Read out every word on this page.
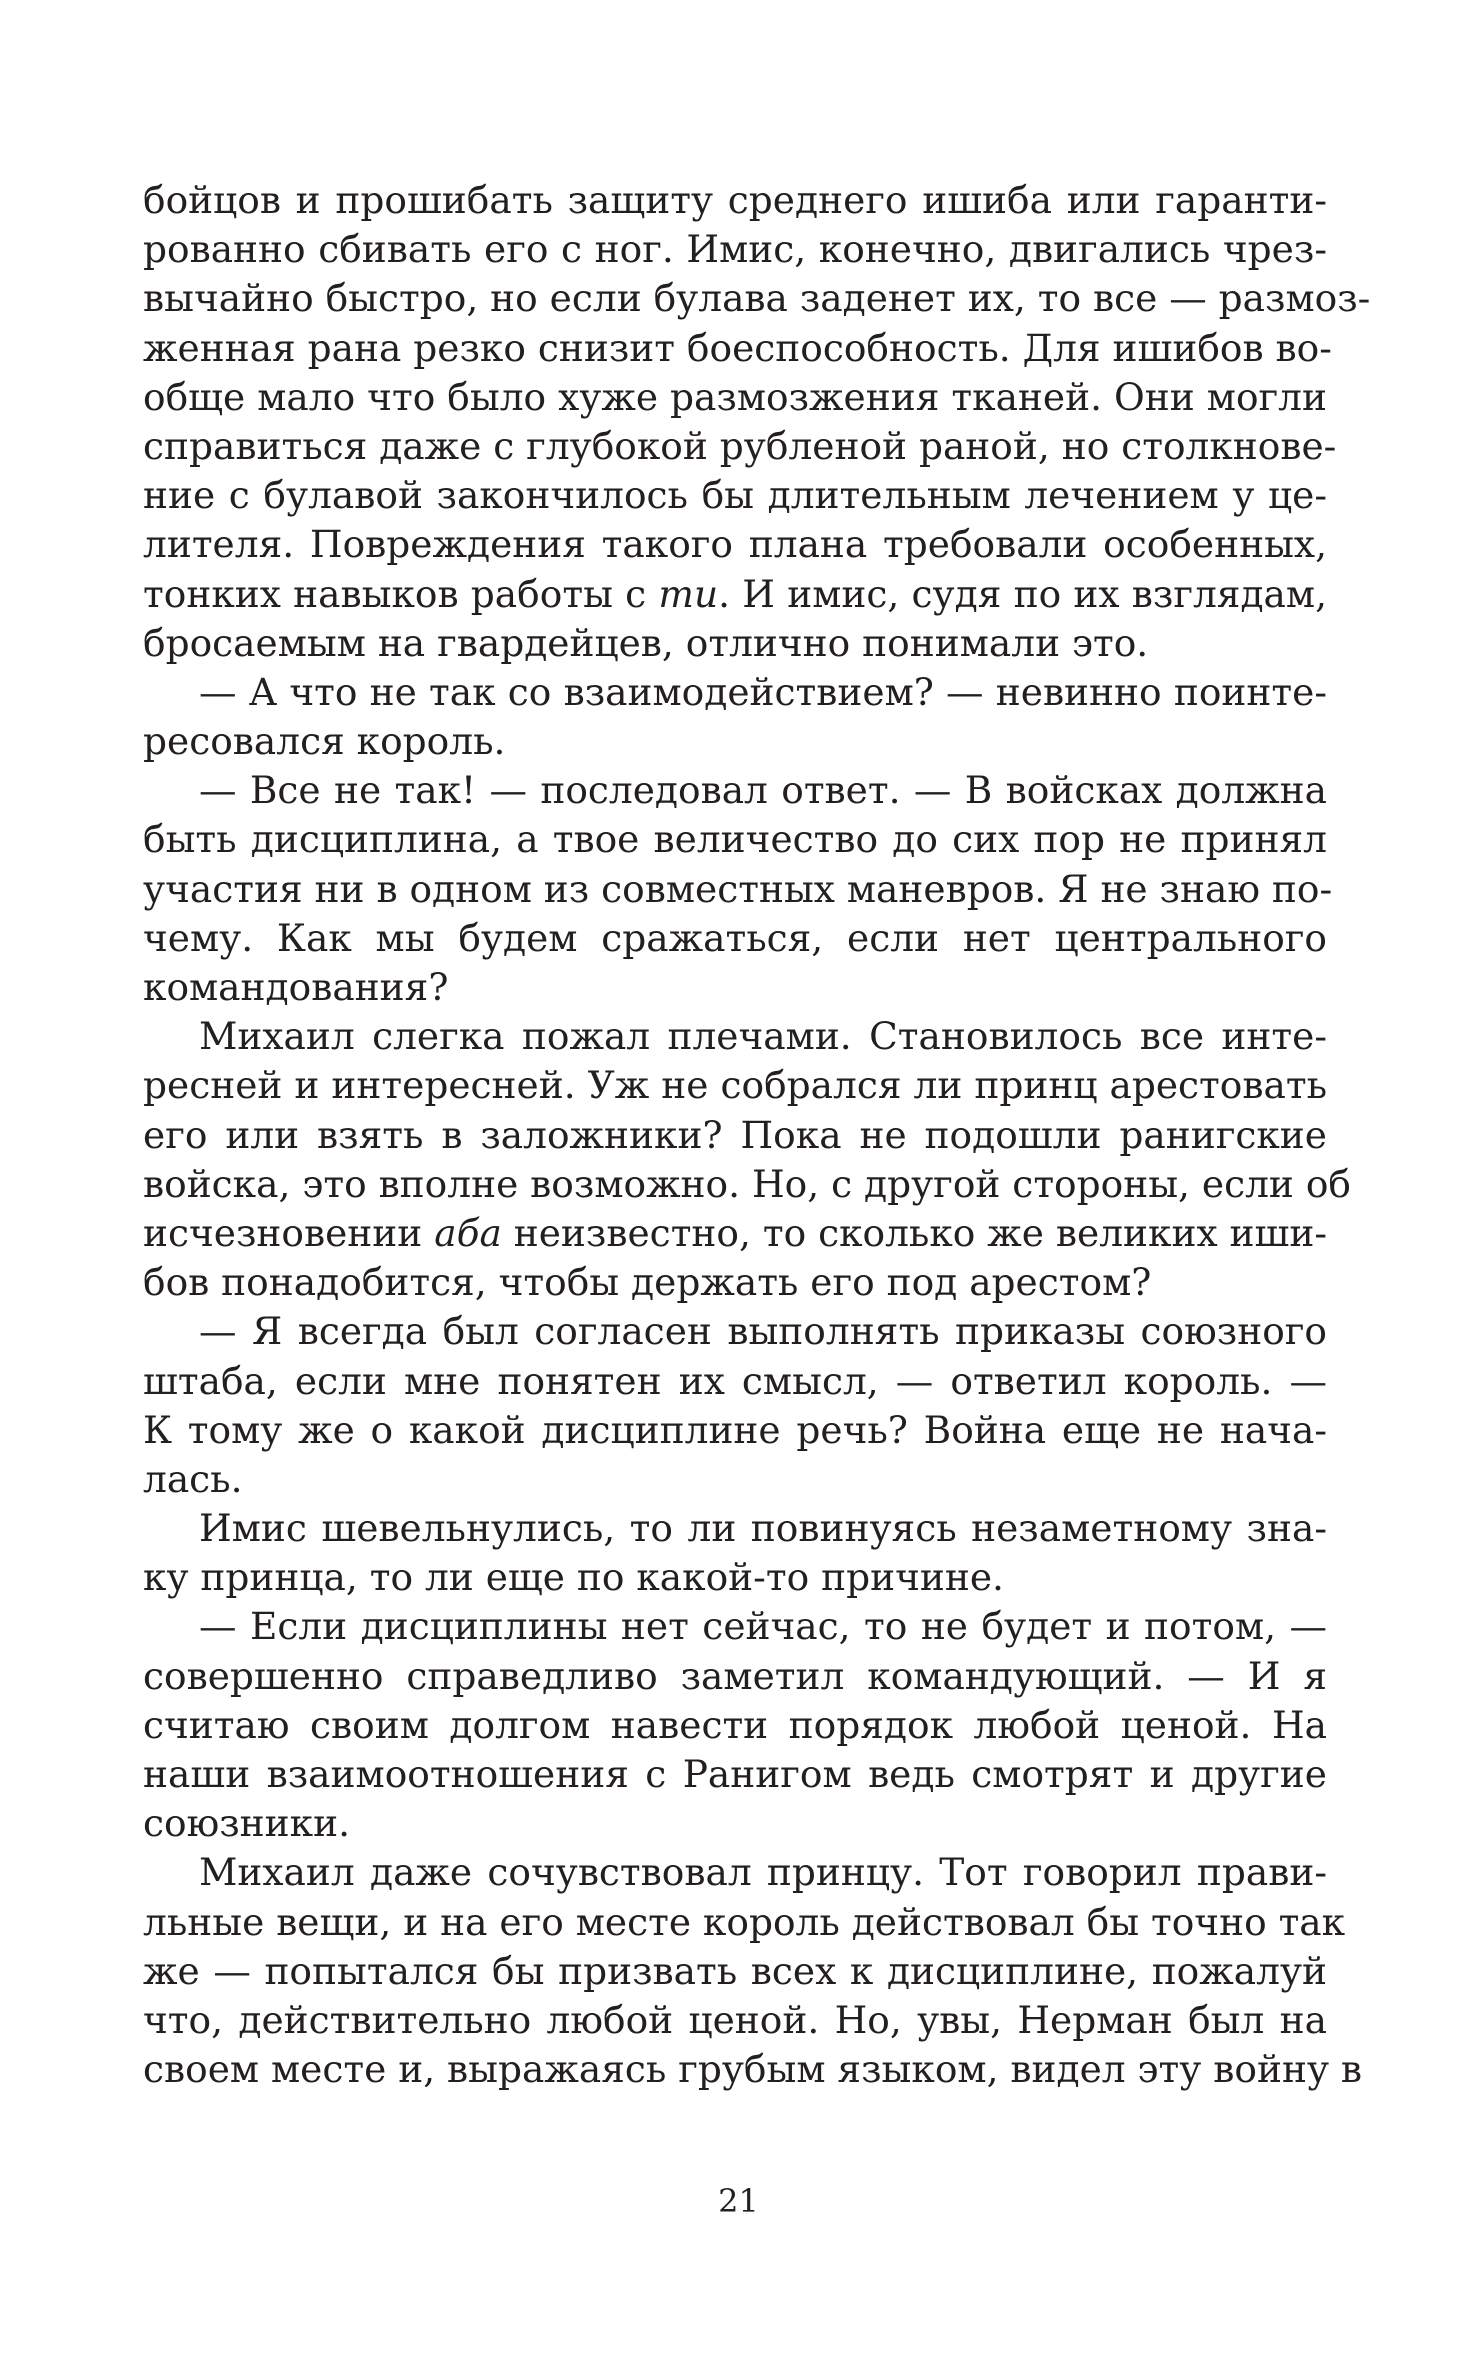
бойцов и прошибать защиту среднего ишиба или гаранти-
рованно сбивать его с ног. Имис, конечно, двигались чрез-
вычайно быстро, но если булава заденет их, то все — размоз-
женная рана резко снизит боеспособность. Для ишибов во-
обще мало что было хуже размозжения тканей. Они могли
справиться даже с глубокой рубленой раной, но столкнове-
ние с булавой закончилось бы длительным лечением у це-
лителя. Повреждения такого плана требовали особенных,
тонких навыков работы с ти. И имис, судя по их взглядам,
бросаемым на гвардейцев, отлично понимали это.
— А что не так со взаимодействием? — невинно поинте-
ресовался король.
— Все не так! — последовал ответ. — В войсках должна
быть дисциплина, а твое величество до сих пор не принял
участия ни в одном из совместных маневров. Я не знаю по-
чему. Как мы будем сражаться, если нет центрального
командования?
Михаил слегка пожал плечами. Становилось все инте-
ресней и интересней. Уж не собрался ли принц арестовать
его или взять в заложники? Пока не подошли ранигские
войска, это вполне возможно. Но, с другой стороны, если об
исчезновении аба неизвестно, то сколько же великих иши-
бов понадобится, чтобы держать его под арестом?
— Я всегда был согласен выполнять приказы союзного
штаба, если мне понятен их смысл, — ответил король. —
К тому же о какой дисциплине речь? Война еще не нача-
лась.
Имис шевельнулись, то ли повинуясь незаметному зна-
ку принца, то ли еще по какой-то причине.
— Если дисциплины нет сейчас, то не будет и потом, —
совершенно справедливо заметил командующий. — И я
считаю своим долгом навести порядок любой ценой. На
наши взаимоотношения с Ранигом ведь смотрят и другие
союзники.
Михаил даже сочувствовал принцу. Тот говорил прави-
льные вещи, и на его месте король действовал бы точно так
же — попытался бы призвать всех к дисциплине, пожалуй
что, действительно любой ценой. Но, увы, Нерман был на
своем месте и, выражаясь грубым языком, видел эту войну в
21
